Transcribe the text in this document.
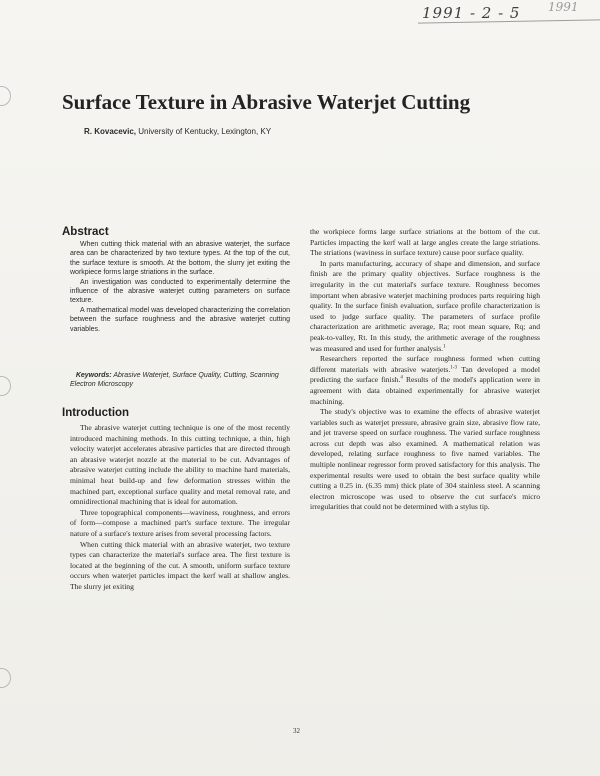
1991 - 2 - 5 1991
Surface Texture in Abrasive Waterjet Cutting
R. Kovacevic, University of Kentucky, Lexington, KY
Abstract

When cutting thick material with an abrasive waterjet, the surface area can be characterized by two texture types. At the top of the cut, the surface texture is smooth. At the bottom, the slurry jet exiting the workpiece forms large striations in the surface.

An investigation was conducted to experimentally determine the influence of the abrasive waterjet cutting parameters on surface texture.

A mathematical model was developed characterizing the correlation between the surface roughness and the abrasive waterjet cutting variables.

Keywords: Abrasive Waterjet, Surface Quality, Cutting, Scanning Electron Microscopy
Introduction

The abrasive waterjet cutting technique is one of the most recently introduced machining methods. In this cutting technique, a thin, high velocity waterjet accelerates abrasive particles that are directed through an abrasive waterjet nozzle at the material to be cut. Advantages of abrasive waterjet cutting include the ability to machine hard materials, minimal heat build-up and few deformation stresses within the machined part, exceptional surface quality and metal removal rate, and omnidirectional machining that is ideal for automation.

Three topographical components—waviness, roughness, and errors of form—compose a machined part's surface texture. The irregular nature of a surface's texture arises from several processing factors.

When cutting thick material with an abrasive waterjet, two texture types can characterize the material's surface area. The first texture is located at the beginning of the cut. A smooth, uniform surface texture occurs when waterjet particles impact the kerf wall at shallow angles. The slurry jet exiting

the workpiece forms large surface striations at the bottom of the cut. Particles impacting the kerf wall at large angles create the large striations. The striations (waviness in surface texture) cause poor surface quality.

In parts manufacturing, accuracy of shape and dimension, and surface finish are the primary quality objectives. Surface roughness is the irregularity in the cut material's surface texture. Roughness becomes important when abrasive waterjet machining produces parts requiring high quality. In the surface finish evaluation, surface profile characterization is used to judge surface quality. The parameters of surface profile characterization are arithmetic average, Ra; root mean square, Rq; and peak-to-valley, Rt. In this study, the arithmetic average of the roughness was measured and used for further analysis.$^1$

Researchers reported the surface roughness formed when cutting different materials with abrasive waterjets.$^{1-3}$ Tan developed a model predicting the surface finish.$^4$ Results of the model's application were in agreement with data obtained experimentally for abrasive waterjet machining.

The study's objective was to examine the effects of abrasive waterjet variables such as waterjet pressure, abrasive grain size, abrasive flow rate, and jet traverse speed on surface roughness. The varied surface roughness across cut depth was also examined. A mathematical relation was developed, relating surface roughness to five named variables. The multiple nonlinear regressor form proved satisfactory for this analysis. The experimental results were used to obtain the best surface quality while cutting a 0.25 in. (6.35 mm) thick plate of 304 stainless steel. A scanning electron microscope was used to observe the cut surface's micro irregularities that could not be determined with a stylus tip.

32
